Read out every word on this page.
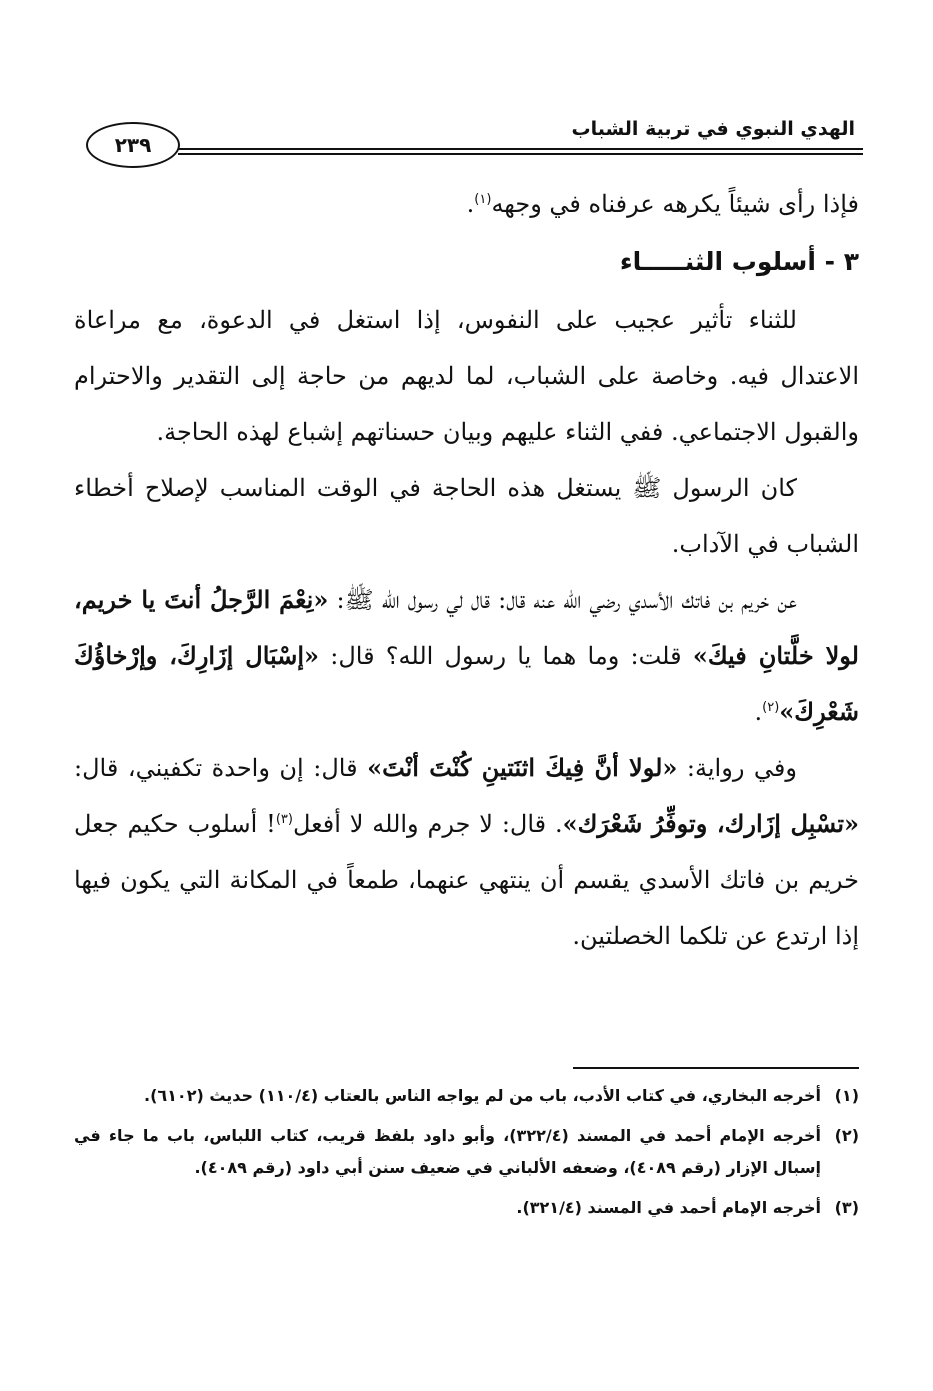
الهدي النبوي في تربية الشباب
٢٣٩

فإذا رأى شيئاً يكرهه عرفناه في وجهه$^{(١)}$.

٣ - أسلوب الثنـــــاء

للثناء تأثير عجيب على النفوس، إذا استغل في الدعوة، مع مراعاة الاعتدال فيه. وخاصة على الشباب، لما لديهم من حاجة إلى التقدير والاحترام والقبول الاجتماعي. ففي الثناء عليهم وبيان حسناتهم إشباع لهذه الحاجة.

كان الرسول ﷺ يستغل هذه الحاجة في الوقت المناسب لإصلاح أخطاء الشباب في الآداب.

عن خريم بن فاتك الأسدي رضي الله عنه قال: قال لي رسول الله ﷺ: «نِعْمَ الرَّجلُ أنتَ يا خريم، لولا خلَّتانِ فيكَ» قلت: وما هما يا رسول الله؟ قال: «إسْبَال إزَارِكَ، وإرْخاؤُكَ شَعْرِكَ»$^{(٢)}$.

وفي رواية: «لولا أنَّ فِيكَ اثنَتينِ كُنْتَ أنْتَ» قال: إن واحدة تكفيني، قال: «تسْبِل إزَارك، وتوفِّرُ شَعْرَك». قال: لا جرم والله لا أفعل$^{(٣)}$! أسلوب حكيم جعل خريم بن فاتك الأسدي يقسم أن ينتهي عنهما، طمعاً في المكانة التي يكون فيها إذا ارتدع عن تلكما الخصلتين.

(١)
أخرجه البخاري، في كتاب الأدب، باب من لم يواجه الناس بالعتاب (١١٠/٤) حديث (٦١٠٢).
(٢)
أخرجه الإمام أحمد في المسند (٣٢٢/٤)، وأبو داود بلفظ قريب، كتاب اللباس، باب ما جاء في إسبال الإزار (رقم ٤٠٨٩)، وضعفه الألباني في ضعيف سنن أبي داود (رقم ٤٠٨٩).
(٣)
أخرجه الإمام أحمد في المسند (٣٢١/٤).
